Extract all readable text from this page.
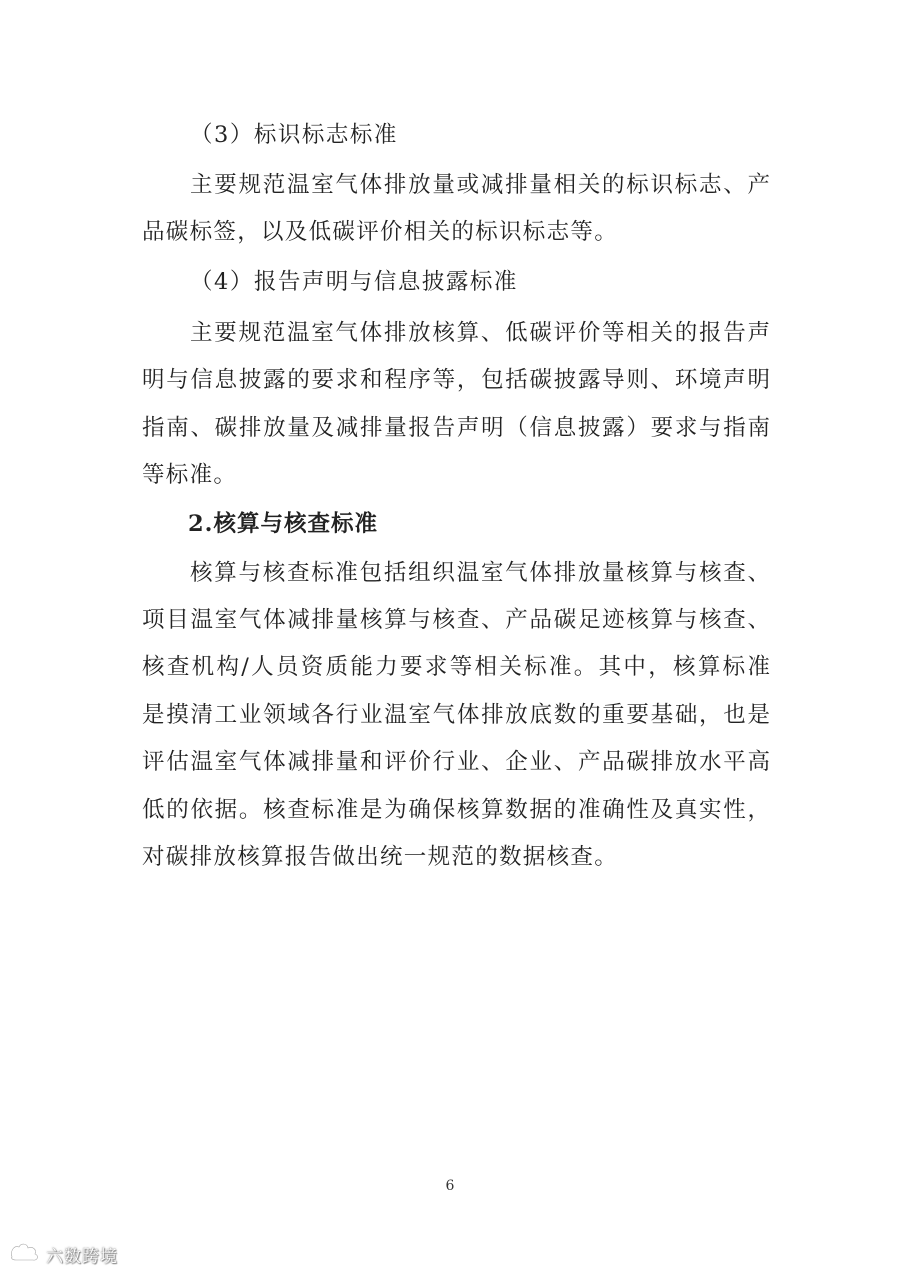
（3）标识标志标准
主要规范温室气体排放量或减排量相关的标识标志、产
品碳标签，以及低碳评价相关的标识标志等。
（4）报告声明与信息披露标准
主要规范温室气体排放核算、低碳评价等相关的报告声
明与信息披露的要求和程序等，包括碳披露导则、环境声明
指南、碳排放量及减排量报告声明（信息披露）要求与指南
等标准。
2.核算与核查标准
核算与核查标准包括组织温室气体排放量核算与核查、
项目温室气体减排量核算与核查、产品碳足迹核算与核查、
核查机构/人员资质能力要求等相关标准。其中，核算标准
是摸清工业领域各行业温室气体排放底数的重要基础，也是
评估温室气体减排量和评价行业、企业、产品碳排放水平高
低的依据。核查标准是为确保核算数据的准确性及真实性，
对碳排放核算报告做出统一规范的数据核查。
6
六数跨境
